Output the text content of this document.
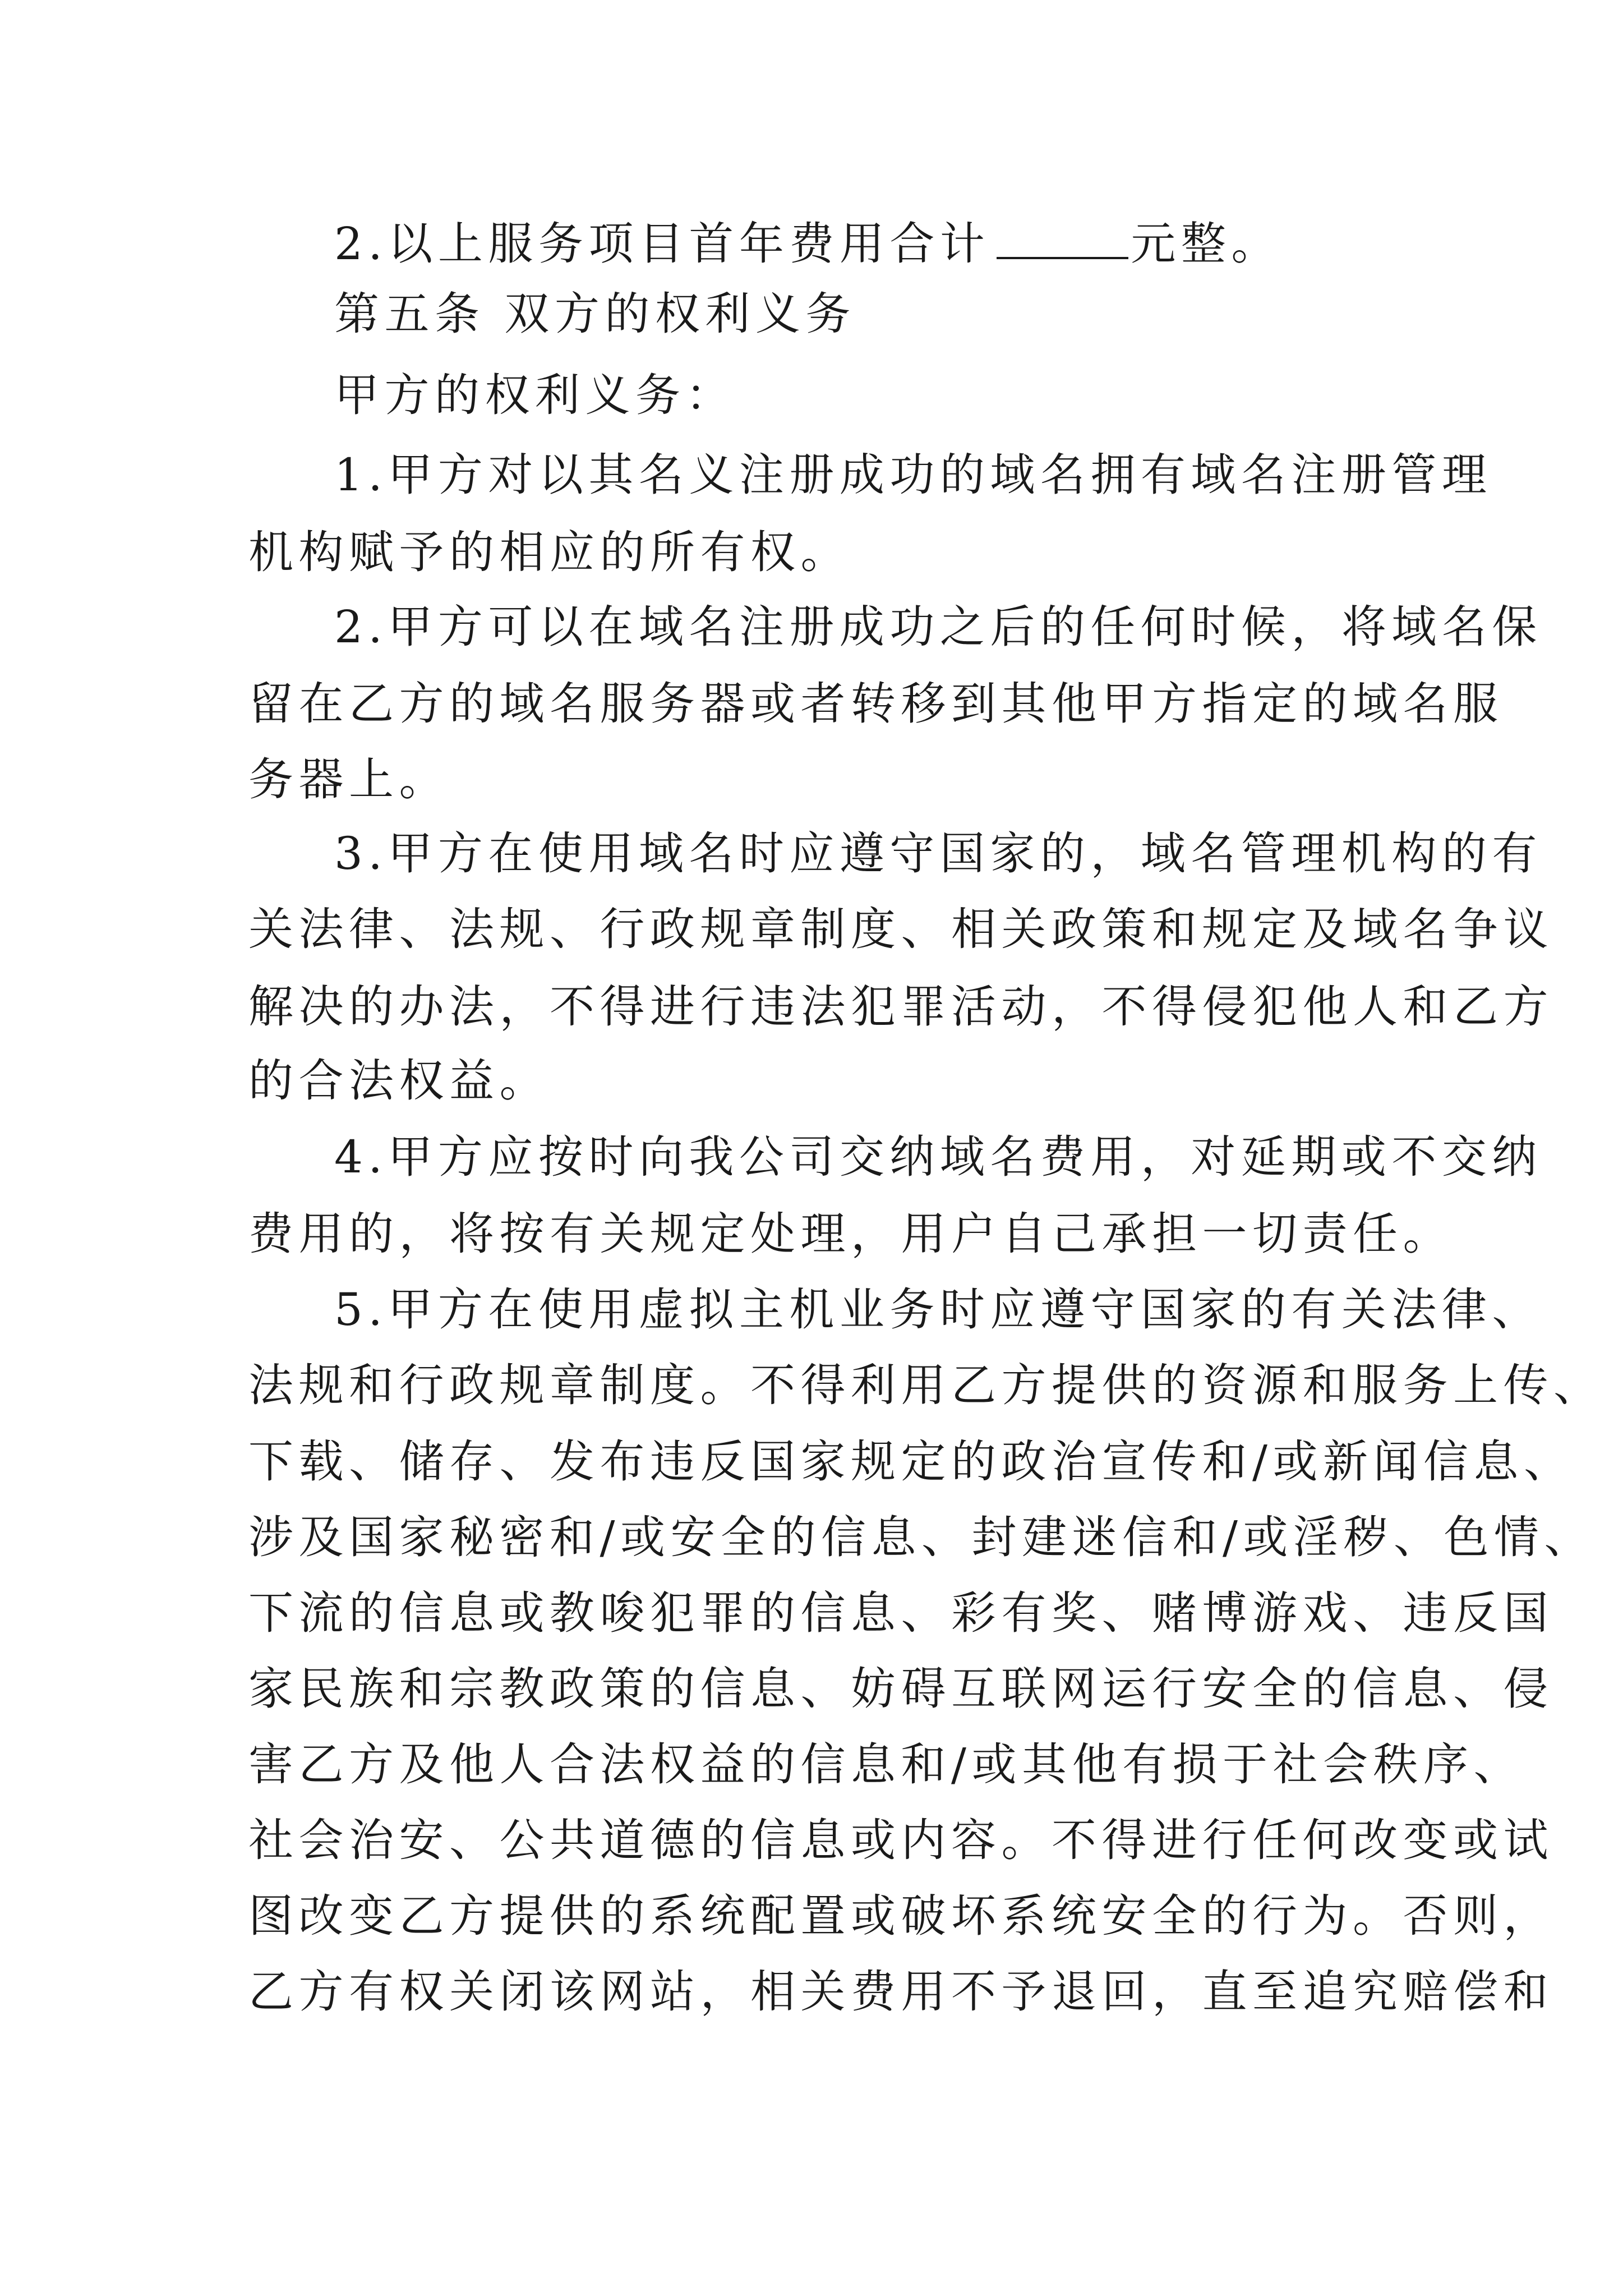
2.以上服务项目首年费用合计	元整。
第五条 双方的权利义务
甲方的权利义务：
1.甲方对以其名义注册成功的域名拥有域名注册管理
机构赋予的相应的所有权。
2.甲方可以在域名注册成功之后的任何时候，将域名保
留在乙方的域名服务器或者转移到其他甲方指定的域名服
务器上。
3.甲方在使用域名时应遵守国家的，域名管理机构的有
关法律、法规、行政规章制度、相关政策和规定及域名争议
解决的办法，不得进行违法犯罪活动，不得侵犯他人和乙方
的合法权益。
4.甲方应按时向我公司交纳域名费用，对延期或不交纳
费用的，将按有关规定处理，用户自己承担一切责任。
5.甲方在使用虚拟主机业务时应遵守国家的有关法律、
法规和行政规章制度。不得利用乙方提供的资源和服务上传、
下载、储存、发布违反国家规定的政治宣传和/或新闻信息、
涉及国家秘密和/或安全的信息、封建迷信和/或淫秽、色情、
下流的信息或教唆犯罪的信息、彩有奖、赌博游戏、违反国
家民族和宗教政策的信息、妨碍互联网运行安全的信息、侵
害乙方及他人合法权益的信息和/或其他有损于社会秩序、
社会治安、公共道德的信息或内容。不得进行任何改变或试
图改变乙方提供的系统配置或破坏系统安全的行为。否则，
乙方有权关闭该网站，相关费用不予退回，直至追究赔偿和
